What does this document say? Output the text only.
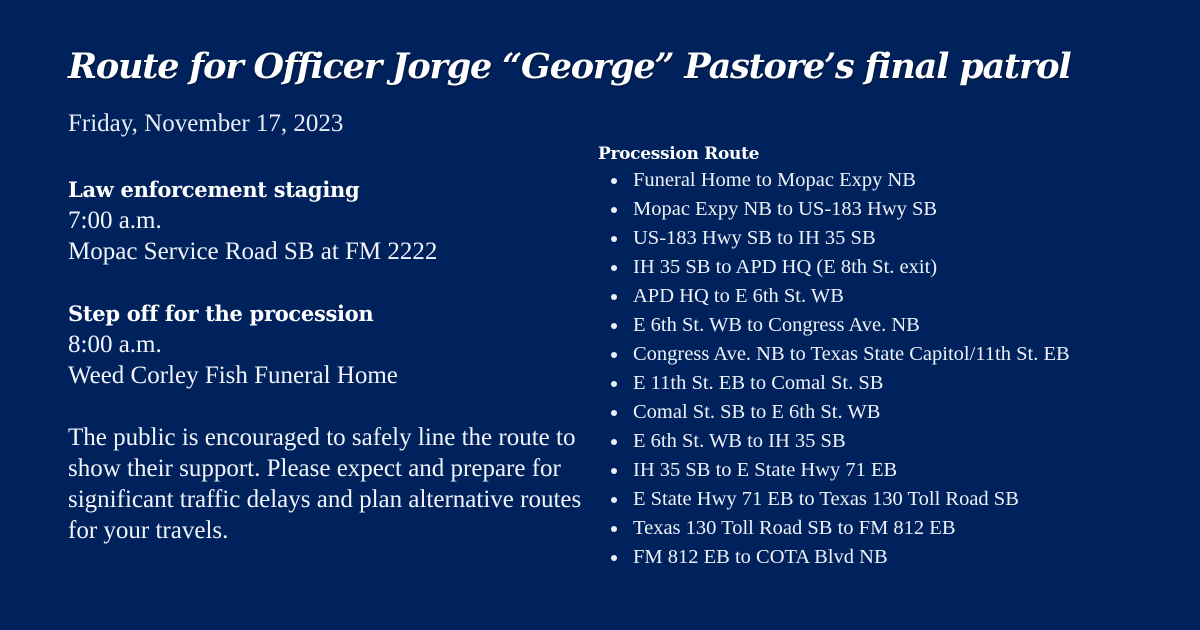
Route for Officer Jorge “George” Pastore’s final patrol
Friday, November 17, 2023
Law enforcement staging
7:00 a.m.
Mopac Service Road SB at FM 2222
Step off for the procession
8:00 a.m.
Weed Corley Fish Funeral Home
The public is encouraged to safely line the route to show their support. Please expect and prepare for significant traffic delays and plan alternative routes for your travels.
Procession Route
Funeral Home to Mopac Expy NB
Mopac Expy NB to US-183 Hwy SB
US-183 Hwy SB to IH 35 SB
IH 35 SB to APD HQ (E 8th St. exit)
APD HQ to E 6th St. WB
E 6th St. WB to Congress Ave. NB
Congress Ave. NB to Texas State Capitol/11th St. EB
E 11th St. EB to Comal St. SB
Comal St. SB to E 6th St. WB
E 6th St. WB to IH 35 SB
IH 35 SB to E State Hwy 71 EB
E State Hwy 71 EB to Texas 130 Toll Road SB
Texas 130 Toll Road SB to FM 812 EB
FM 812 EB to COTA Blvd NB
